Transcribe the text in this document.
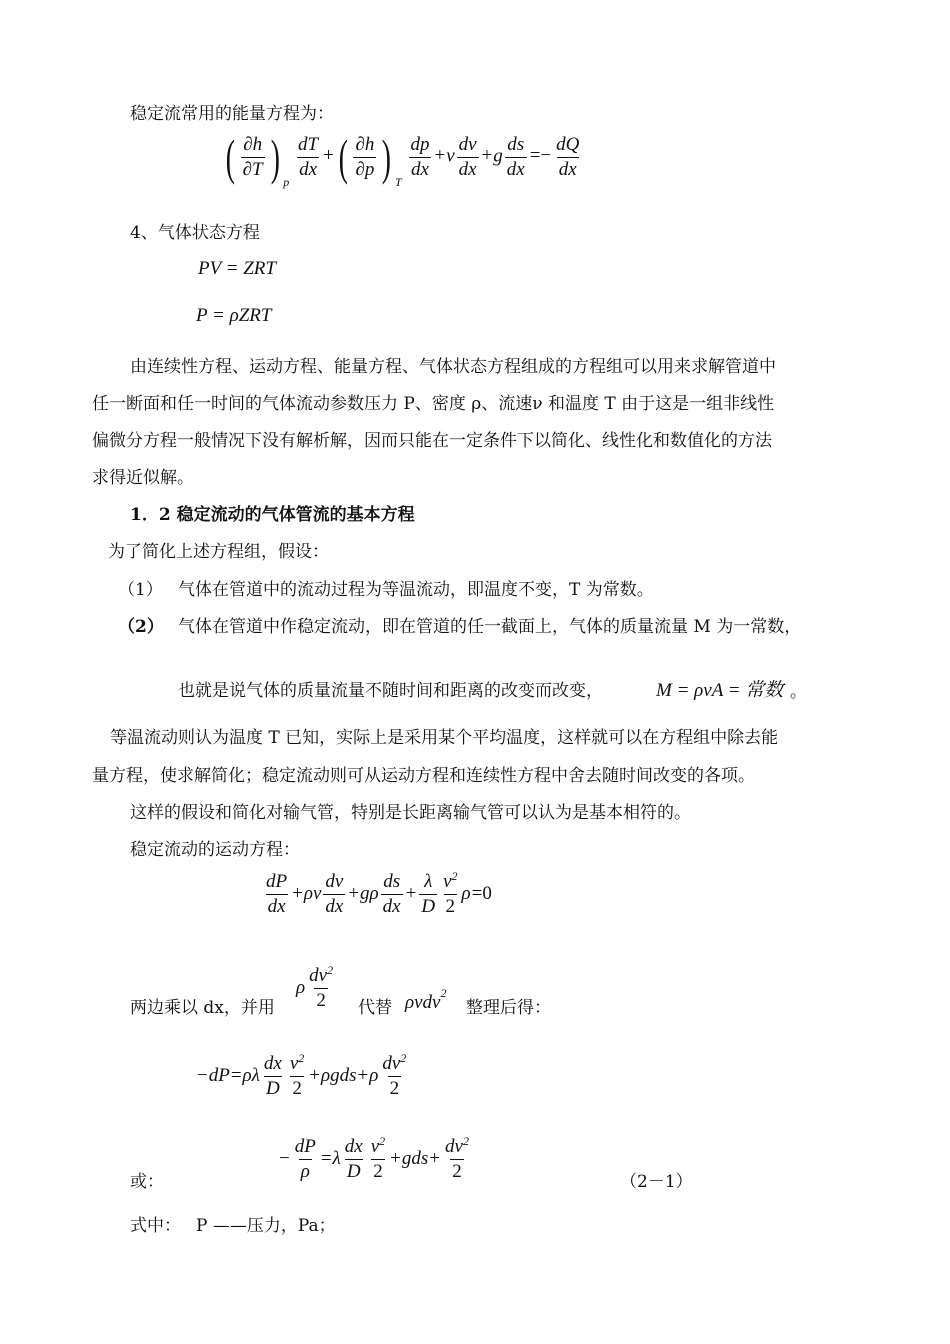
稳定流常用的能量方程为：
( $\frac{\partial h}{\partial T}$ ) $_p$
$\frac{dT}{dx}$ +( $\frac{\partial h}{\partial p}$ ) $_T$
$\frac{dp}{dx} +v \frac{dv}{dx} +g \frac{ds}{dx} =- \frac{dQ}{dx}$
4、气体状态方程
PV = ZRT
P = ρZRT
由连续性方程、运动方程、能量方程、气体状态方程组成的方程组可以用来求解管道中
任一断面和任一时间的气体流动参数压力 P、密度 ρ、流速ν 和温度 T 由于这是一组非线性
偏微分方程一般情况下没有解析解，因而只能在一定条件下以简化、线性化和数值化的方法
求得近似解。
1．2 稳定流动的气体管流的基本方程
为了简化上述方程组，假设：
（1） 气体在管道中的流动过程为等温流动，即温度不变，T 为常数。
（2） 气体在管道中作稳定流动，即在管道的任一截面上，气体的质量流量 M 为一常数，
也就是说气体的质量流量不随时间和距离的改变而改变，	M = ρvA = 常数 。
等温流动则认为温度 T 已知，实际上是采用某个平均温度，这样就可以在方程组中除去能
量方程，使求解简化；稳定流动则可从运动方程和连续性方程中舍去随时间改变的各项。
这样的假设和简化对输气管，特别是长距离输气管可以认为是基本相符的。
稳定流动的运动方程：
$\frac{dP}{dx} +\rho v \frac{dv}{dx} +g\rho \frac{ds}{dx} + \frac{\lambda}{D} \frac{v^2}{2} \rho=0$
两边乘以 dx，并用
ρ $\frac{dv^2}{2}$ 代替 ρvdv$^2$
整理后得：
$-dP=\rho\lambda \frac{dx}{D} \frac{v^2}{2} +\rho gds+\rho \frac{dv^2}{2}$
或：
− $\frac{dP}{\rho} =\lambda \frac{dx}{D} \frac{v^2}{2} +gds+ \frac{dv^2}{2}$	（2－1）
式中： P ——压力，Pa；
